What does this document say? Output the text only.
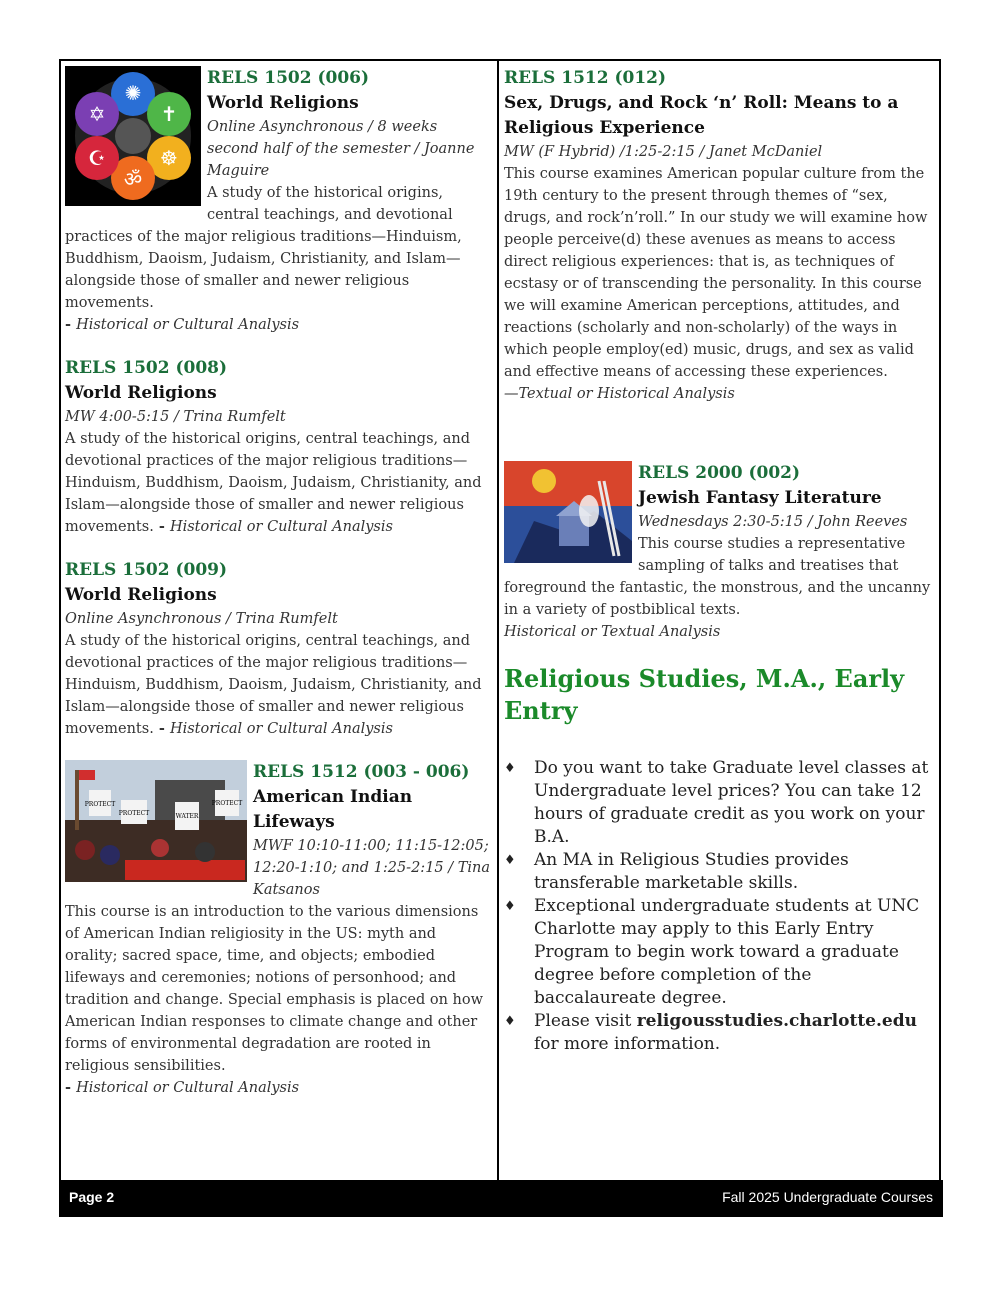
✺
✝
☸
ॐ
☪
✡
RELS 1502 (006)
World Religions
Online Asynchronous / 8 weeks second half of the semester / Joanne Maguire
A study of the historical origins, central teachings, and devotional practices of the major religious traditions—Hinduism, Buddhism, Daoism, Judaism, Christianity, and Islam—alongside those of smaller and newer religious movements.
- Historical or Cultural Analysis
RELS 1502 (008)
World Religions
MW 4:00-5:15 / Trina Rumfelt
A study of the historical origins, central teachings, and devotional practices of the major religious traditions—Hinduism, Buddhism, Daoism, Judaism, Christianity, and Islam—alongside those of smaller and newer religious movements. - Historical or Cultural Analysis
RELS 1502 (009)
World Religions
Online Asynchronous / Trina Rumfelt
A study of the historical origins, central teachings, and devotional practices of the major religious traditions—Hinduism, Buddhism, Daoism, Judaism, Christianity, and Islam—alongside those of smaller and newer religious movements. - Historical or Cultural Analysis
PROTECT
PROTECT	WATER
PROTECT
RELS 1512 (003 - 006)
American Indian Lifeways
MWF 10:10-11:00; 11:15-12:05; 12:20-1:10; and 1:25-2:15 / Tina Katsanos
This course is an introduction to the various dimensions of American Indian religiosity in the US: myth and orality; sacred space, time, and objects; embodied lifeways and ceremonies; notions of personhood; and tradition and change. Special emphasis is placed on how American Indian responses to climate change and other forms of environmental degradation are rooted in religious sensibilities.
- Historical or Cultural Analysis
RELS 1512 (012)
Sex, Drugs, and Rock ‘n’ Roll: Means to a Religious Experience
MW (F Hybrid) /1:25-2:15 / Janet McDaniel
This course examines American popular culture from the 19th century to the present through themes of “sex, drugs, and rock’n’roll.” In our study we will examine how people perceive(d) these avenues as means to access direct religious experiences: that is, as techniques of ecstasy or of transcending the personality. In this course we will examine American perceptions, attitudes, and reactions (scholarly and non-scholarly) of the ways in which people employ(ed) music, drugs, and sex as valid and effective means of accessing these experiences.
—Textual or Historical Analysis
RELS 2000 (002)
Jewish Fantasy Literature
Wednesdays 2:30-5:15 / John Reeves
This course studies a representative sampling of talks and treatises that foreground the fantastic, the monstrous, and the uncanny in a variety of postbiblical texts.
Historical or Textual Analysis
Religious Studies, M.A., Early Entry
♦ Do you want to take Graduate level classes at Undergraduate level prices? You can take 12 hours of graduate credit as you work on your B.A.
♦ An MA in Religious Studies provides transferable marketable skills.
♦ Exceptional undergraduate students at UNC Charlotte may apply to this Early Entry Program to begin work toward a graduate degree before completion of the baccalaureate degree.
♦ Please visit religousstudies.charlotte.edu for more information.
Page 2	Fall 2025 Undergraduate Courses
